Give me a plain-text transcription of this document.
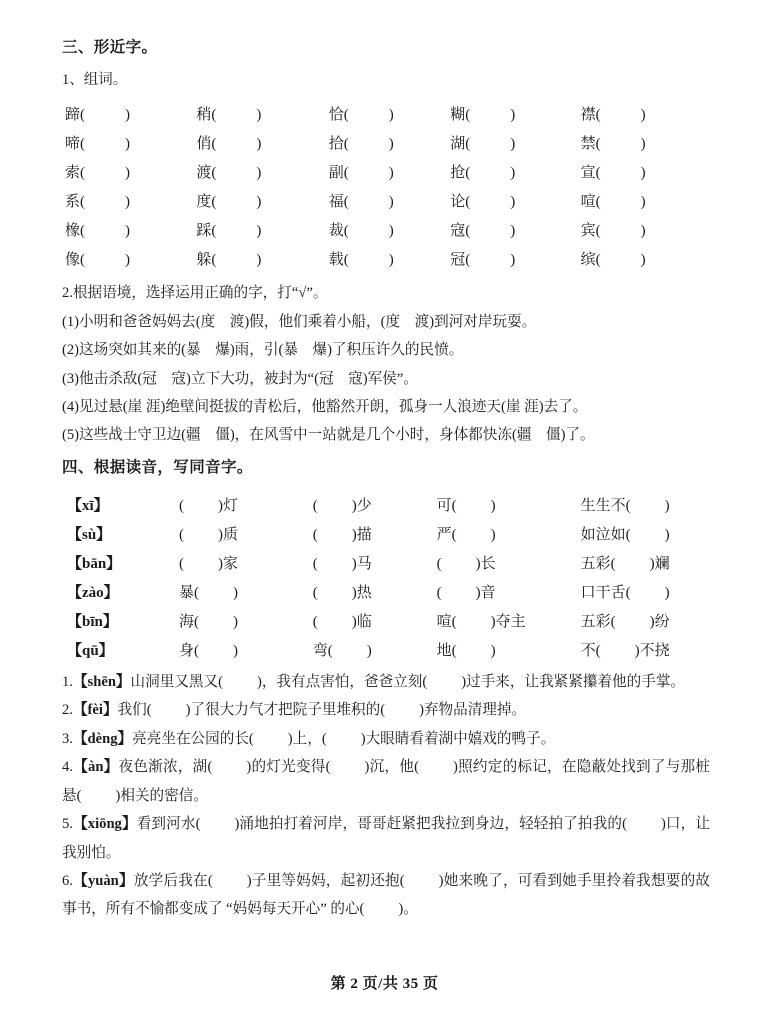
三、形近字。
1、组词。
蹄( )	稍( )	恰( )	糊( )	襟( )
啼( )	俏( )	拾( )	湖( )	禁( )
索( )	渡( )	副( )	抢( )	宣( )
系( )	度( )	福( )	论( )	喧( )
橡( )	踩( )	裁( )	寇( )	宾( )
像( )	躲( )	载( )	冠( )	缤( )
2.根据语境，选择运用正确的字，打“√”。
(1)小明和爸爸妈妈去(度　渡)假，他们乘着小船，(度　渡)到河对岸玩耍。
(2)这场突如其来的(暴　爆)雨，引(暴　爆)了积压许久的民愤。
(3)他击杀敌(冠　寇)立下大功，被封为“(冠　寇)军侯”。
(4)见过悬(崖 涯)绝壁间挺拔的青松后，他豁然开朗，孤身一人浪迹天(崖 涯)去了。
(5)这些战士守卫边(疆　僵)，在风雪中一站就是几个小时，身体都快冻(疆　僵)了。
四、根据读音，写同音字。
【xī】	( )灯	( )少	可( )	生生不( )
【sù】	( )质	( )描	严( )	如泣如( )
【bān】	( )家	( )马	( )长	五彩( )斓
【zào】	暴( )	( )热	( )音	口干舌( )
【bīn】	海( )	( )临	喧( )夺主	五彩( )纷
【qū】	身( )	弯( )	地( )	不( )不挠
1.【shēn】山洞里又黑又( )，我有点害怕，爸爸立刻( )过手来，让我紧紧攥着他的手掌。
2.【fèi】我们( )了很大力气才把院子里堆积的( )弃物品清理掉。
3.【dèng】亮亮坐在公园的长( )上，( )大眼睛看着湖中嬉戏的鸭子。
4.【àn】夜色渐浓，湖( )的灯光变得( )沉，他( )照约定的标记，在隐蔽处找到了与那桩悬( )相关的密信。
5.【xiōng】看到河水( )涌地拍打着河岸，哥哥赶紧把我拉到身边，轻轻拍了拍我的( )口，让我别怕。
6.【yuàn】放学后我在( )子里等妈妈，起初还抱( )她来晚了，可看到她手里拎着我想要的故事书，所有不愉都变成了 “妈妈每天开心” 的心( )。
第 2 页/共 35 页
